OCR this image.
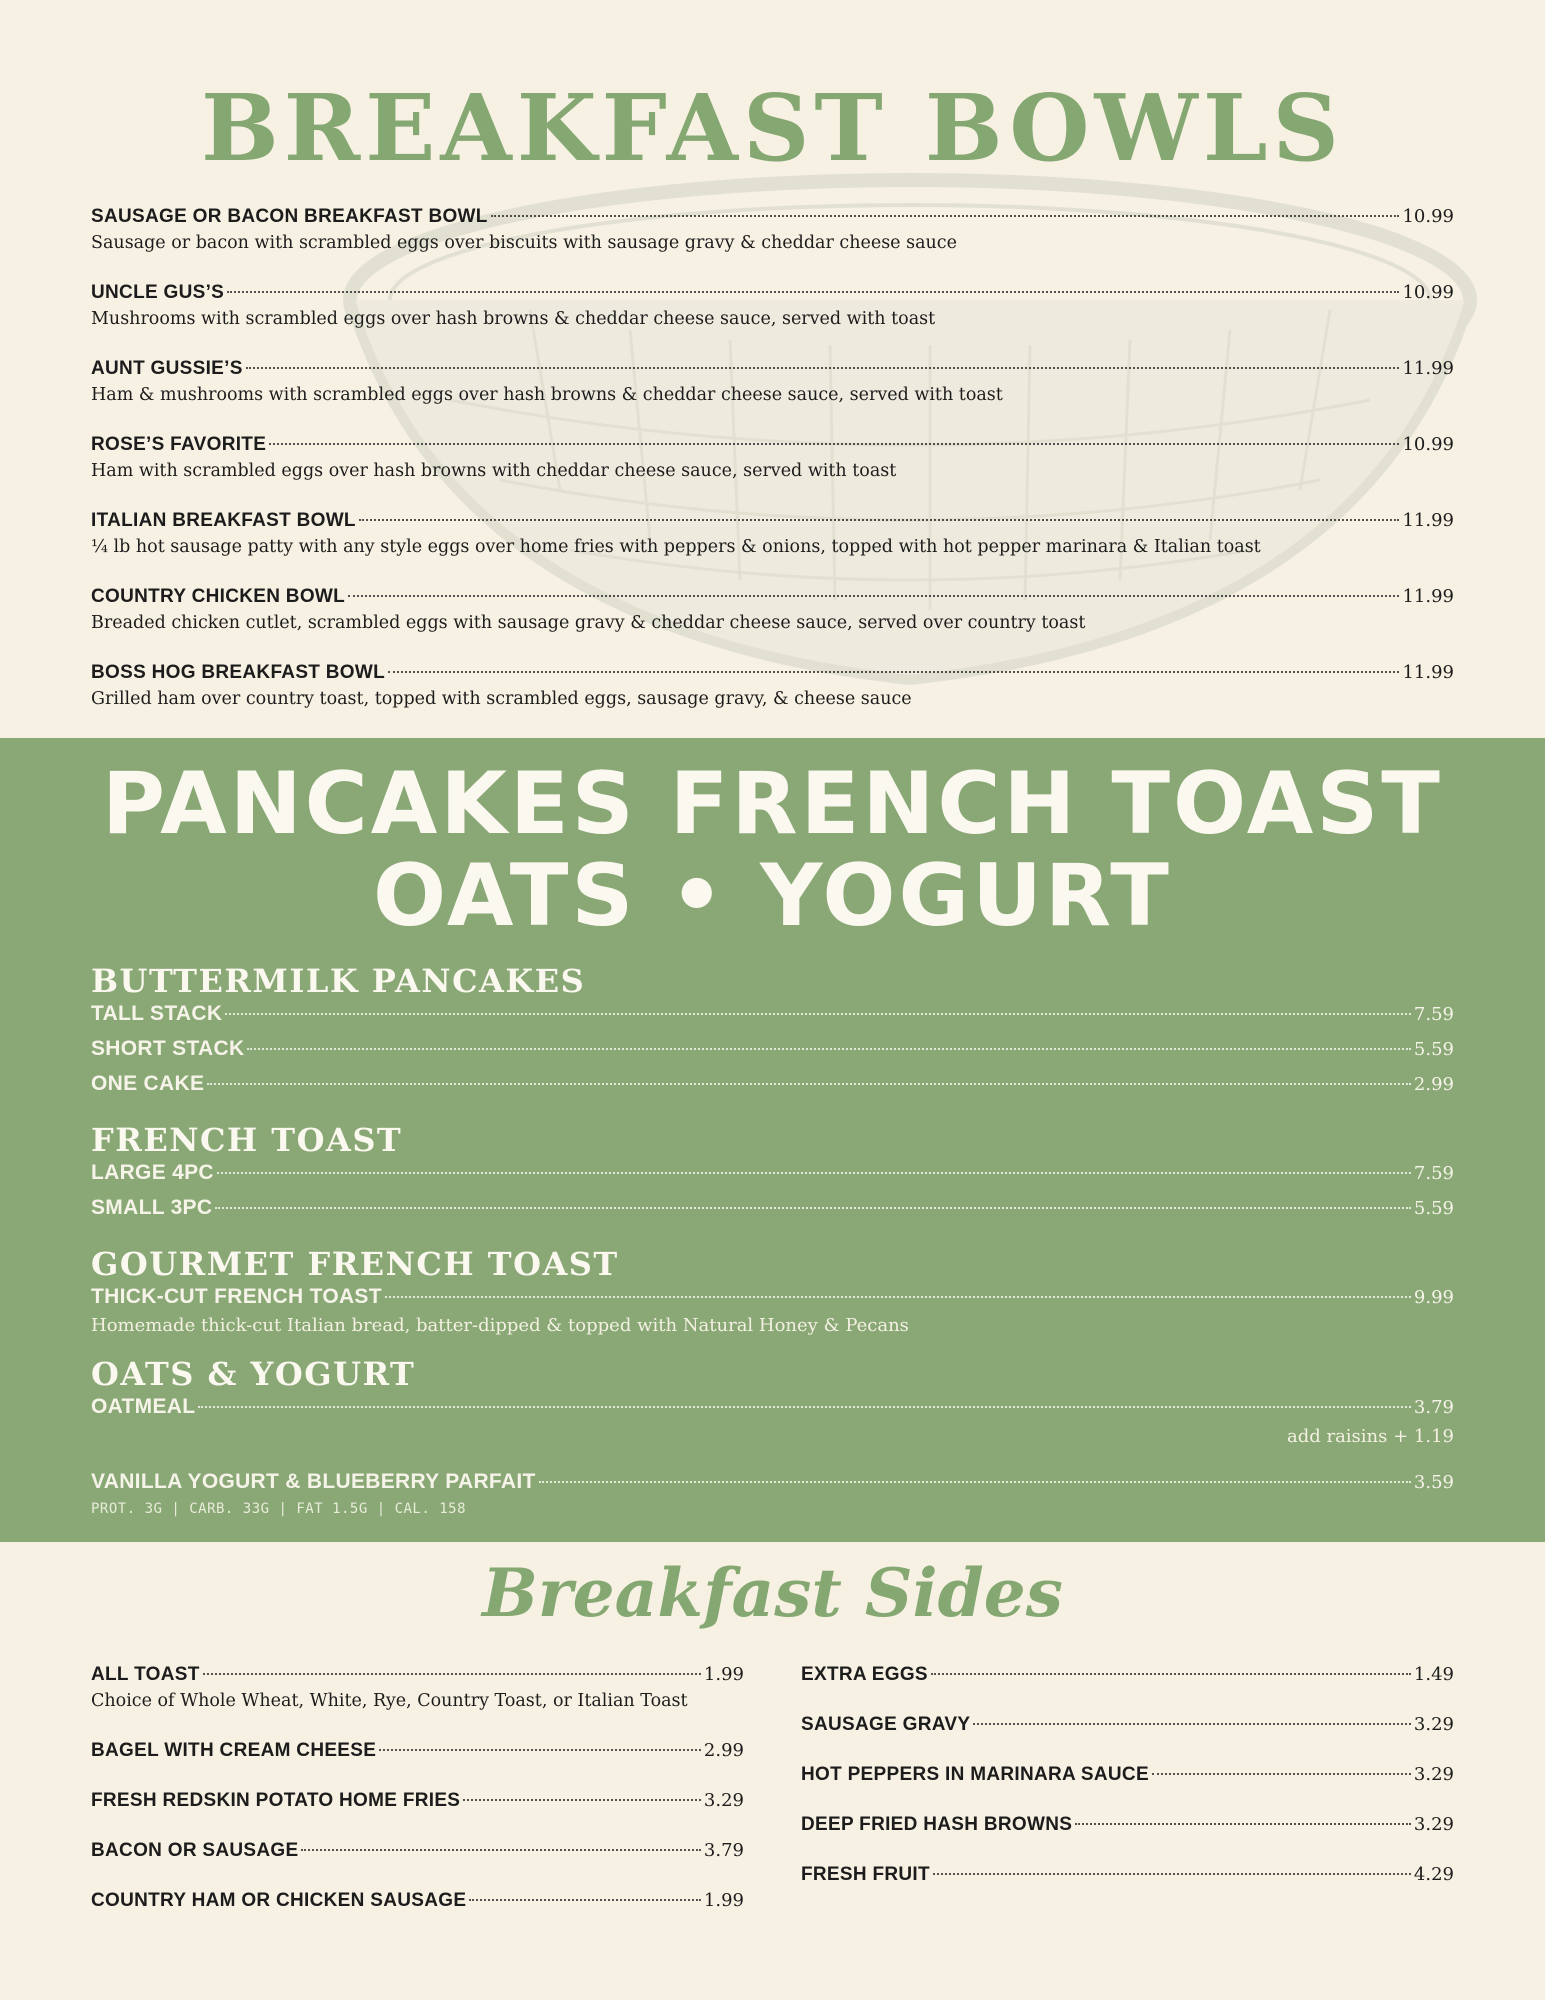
BREAKFAST BOWLS
SAUSAGE OR BACON BREAKFAST BOWL	10.99
Sausage or bacon with scrambled eggs over biscuits with sausage gravy & cheddar cheese sauce
UNCLE GUS’S	10.99
Mushrooms with scrambled eggs over hash browns & cheddar cheese sauce, served with toast
AUNT GUSSIE’S	11.99
Ham & mushrooms with scrambled eggs over hash browns & cheddar cheese sauce, served with toast
ROSE’S FAVORITE	10.99
Ham with scrambled eggs over hash browns with cheddar cheese sauce, served with toast
ITALIAN BREAKFAST BOWL	11.99
¼ lb hot sausage patty with any style eggs over home fries with peppers & onions, topped with hot pepper marinara & Italian toast
COUNTRY CHICKEN BOWL	11.99
Breaded chicken cutlet, scrambled eggs with sausage gravy & cheddar cheese sauce, served over country toast
BOSS HOG BREAKFAST BOWL	11.99
Grilled ham over country toast, topped with scrambled eggs, sausage gravy, & cheese sauce
PANCAKES FRENCH TOAST
OATS • YOGURT
BUTTERMILK PANCAKES
TALL STACK	7.59
SHORT STACK	5.59
ONE CAKE	2.99
FRENCH TOAST
LARGE 4PC	7.59
SMALL 3PC	5.59
GOURMET FRENCH TOAST
THICK-CUT FRENCH TOAST	9.99
Homemade thick-cut Italian bread, batter-dipped & topped with Natural Honey & Pecans
OATS & YOGURT
OATMEAL	3.79
add raisins + 1.19
VANILLA YOGURT & BLUEBERRY PARFAIT	3.59
PROT. 3G | CARB. 33G | FAT 1.5G | CAL. 158
Breakfast Sides
ALL TOAST	1.99
Choice of Whole Wheat, White, Rye, Country Toast, or Italian Toast
BAGEL WITH CREAM CHEESE	2.99
FRESH REDSKIN POTATO HOME FRIES	3.29
BACON OR SAUSAGE	3.79
COUNTRY HAM OR CHICKEN SAUSAGE	1.99
EXTRA EGGS	1.49
SAUSAGE GRAVY	3.29
HOT PEPPERS IN MARINARA SAUCE	3.29
DEEP FRIED HASH BROWNS	3.29
FRESH FRUIT	4.29
